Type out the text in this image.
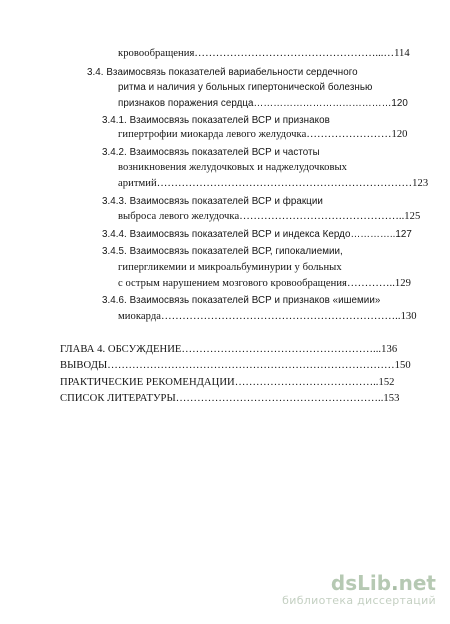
кровообращения……………………………………………...…114
3.4. Взаимосвязь показателей вариабельности сердечного
ритма и наличия у больных гипертонической болезнью
признаков поражения сердца……………………………………120
3.4.1. Взаимосвязь показателей ВСР и признаков
гипертрофии миокарда левого желудочка……………………120
3.4.2. Взаимосвязь показателей ВСР и частоты
возникновения желудочковых и наджелудочковых
аритмий………………………………………………………………123
3.4.3. Взаимосвязь показателей ВСР и фракции
выброса левого желудочка………………………………………..125
3.4.4. Взаимосвязь показателей ВСР и индекса Кердо…………..127
3.4.5. Взаимосвязь показателей ВСР, гипокалиемии,
гипергликемии и микроальбуминурии у больных
с острым нарушением мозгового кровообращения…………..129
3.4.6. Взаимосвязь показателей ВСР и признаков «ишемии»
миокарда…………………………………………………………..130
ГЛАВА 4. ОБСУЖДЕНИЕ………………………………………………...136
ВЫВОДЫ………………………………………………………………………150
ПРАКТИЧЕСКИЕ РЕКОМЕНДАЦИИ…………………………………..152
СПИСОК ЛИТЕРАТУРЫ…………………………………………………..153
dsLib.net
библиотека диссертаций
